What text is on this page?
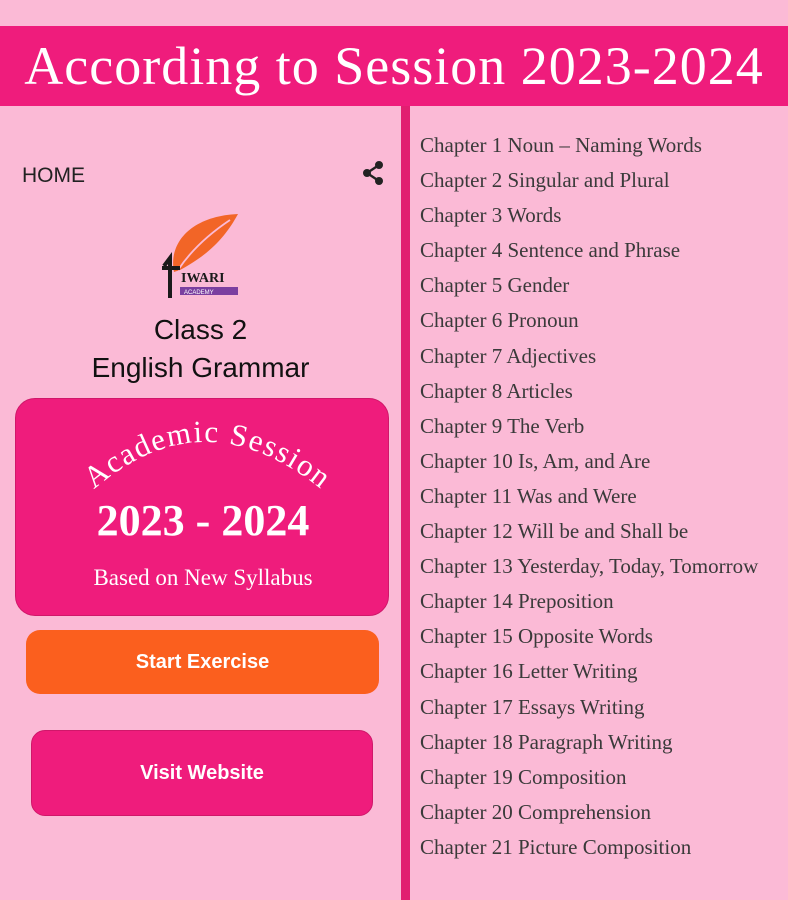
According to Session 2023-2024
HOME
IWARI
ACADEMY
Class 2
English Grammar
Academic Session
2023 - 2024
Based on New Syllabus
Start Exercise
Visit Website
Chapter 1 Noun – Naming Words
Chapter 2 Singular and Plural
Chapter 3 Words
Chapter 4 Sentence and Phrase
Chapter 5 Gender
Chapter 6 Pronoun
Chapter 7 Adjectives
Chapter 8 Articles
Chapter 9 The Verb
Chapter 10 Is, Am, and Are
Chapter 11 Was and Were
Chapter 12 Will be and Shall be
Chapter 13 Yesterday, Today, Tomorrow
Chapter 14 Preposition
Chapter 15 Opposite Words
Chapter 16 Letter Writing
Chapter 17 Essays Writing
Chapter 18 Paragraph Writing
Chapter 19 Composition
Chapter 20 Comprehension
Chapter 21 Picture Composition
